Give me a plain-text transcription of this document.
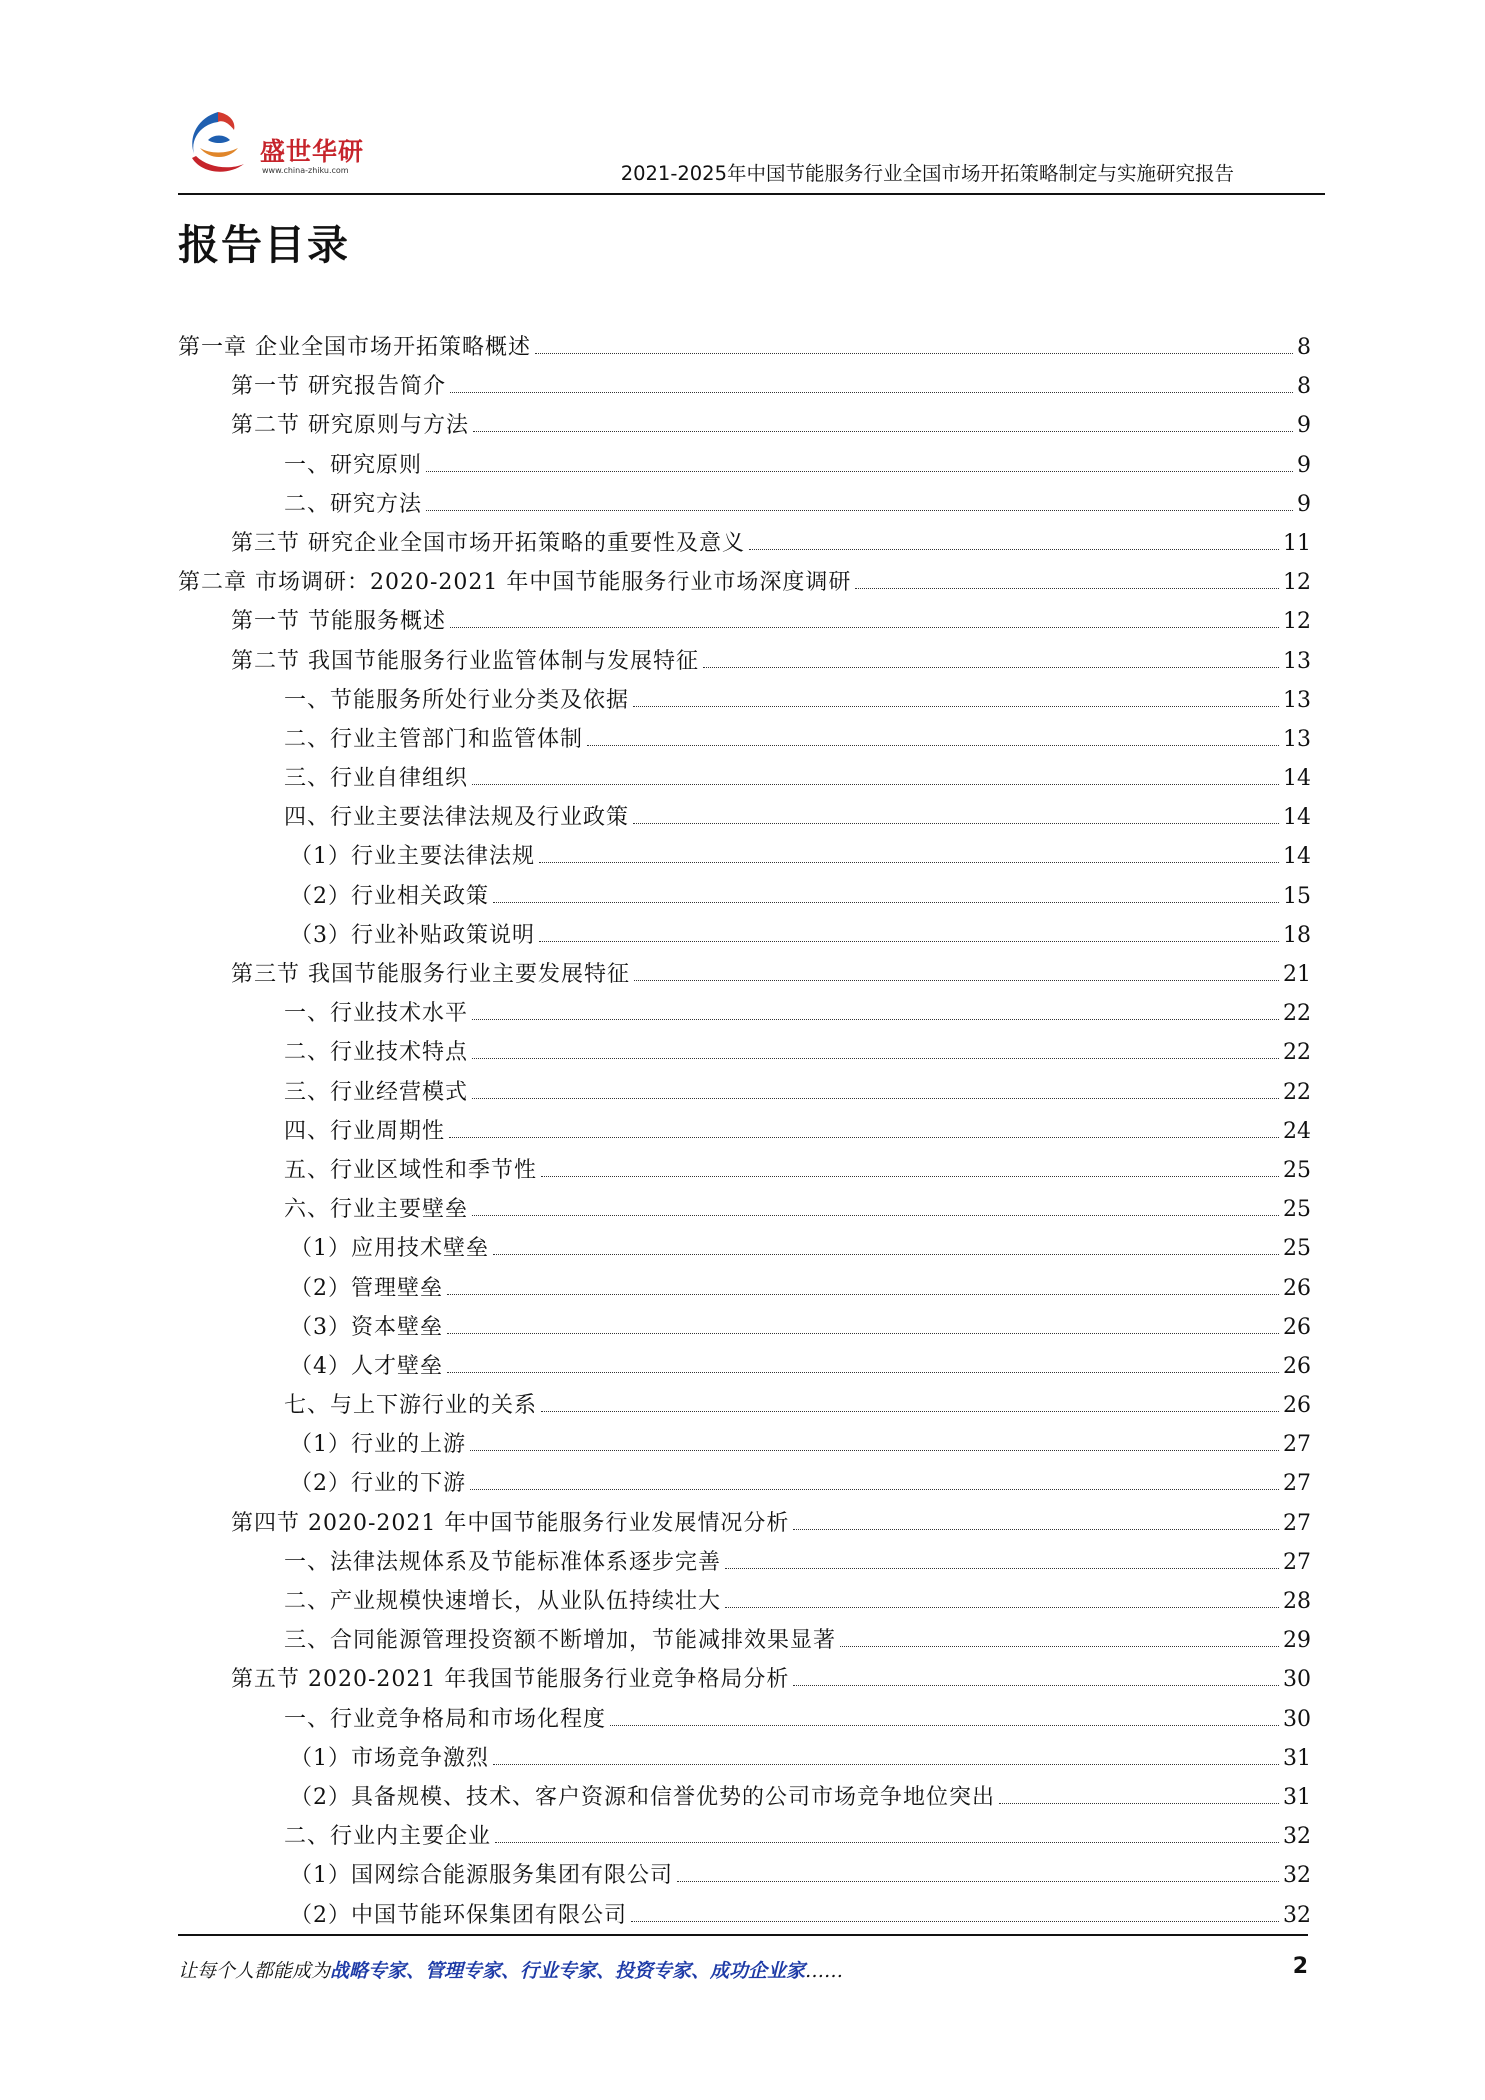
盛世华研
www.china-zhiku.com	2021-2025年中国节能服务行业全国市场开拓策略制定与实施研究报告
报告目录
第一章 企业全国市场开拓策略概述	8
第一节 研究报告简介	8
第二节 研究原则与方法	9
一、研究原则	9
二、研究方法	9
第三节 研究企业全国市场开拓策略的重要性及意义	11
第二章 市场调研：2020-2021 年中国节能服务行业市场深度调研	12
第一节 节能服务概述	12
第二节 我国节能服务行业监管体制与发展特征	13
一、节能服务所处行业分类及依据	13
二、行业主管部门和监管体制	13
三、行业自律组织	14
四、行业主要法律法规及行业政策	14
（1）行业主要法律法规	14
（2）行业相关政策	15
（3）行业补贴政策说明	18
第三节 我国节能服务行业主要发展特征	21
一、行业技术水平	22
二、行业技术特点	22
三、行业经营模式	22
四、行业周期性	24
五、行业区域性和季节性	25
六、行业主要壁垒	25
（1）应用技术壁垒	25
（2）管理壁垒	26
（3）资本壁垒	26
（4）人才壁垒	26
七、与上下游行业的关系	26
（1）行业的上游	27
（2）行业的下游	27
第四节 2020-2021 年中国节能服务行业发展情况分析	27
一、法律法规体系及节能标准体系逐步完善	27
二、产业规模快速增长，从业队伍持续壮大	28
三、合同能源管理投资额不断增加，节能减排效果显著	29
第五节 2020-2021 年我国节能服务行业竞争格局分析	30
一、行业竞争格局和市场化程度	30
（1）市场竞争激烈	31
（2）具备规模、技术、客户资源和信誉优势的公司市场竞争地位突出	31
二、行业内主要企业	32
（1）国网综合能源服务集团有限公司	32
（2）中国节能环保集团有限公司	32
让每个人都能成为战略专家、管理专家、行业专家、投资专家、成功企业家……	2
